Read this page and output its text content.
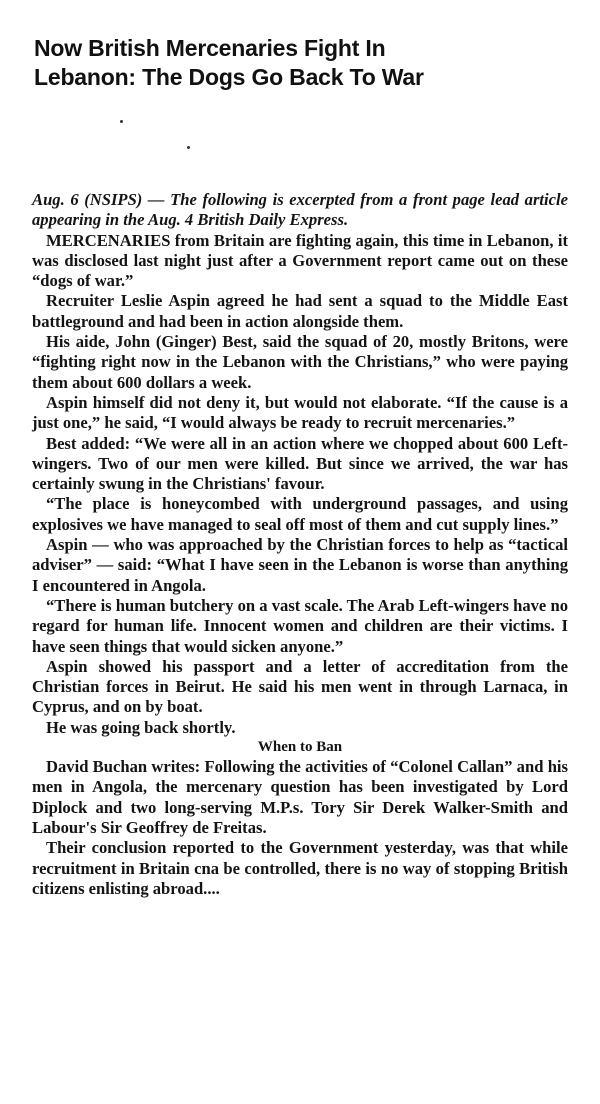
Now British Mercenaries Fight In
Lebanon: The Dogs Go Back To War

Aug. 6 (NSIPS) — The following is excerpted from a front page lead article appearing in the Aug. 4 British Daily Express.

MERCENARIES from Britain are fighting again, this time in Lebanon, it was disclosed last night just after a Government report came out on these “dogs of war.”

Recruiter Leslie Aspin agreed he had sent a squad to the Middle East battleground and had been in action alongside them.

His aide, John (Ginger) Best, said the squad of 20, mostly Britons, were “fighting right now in the Lebanon with the Christians,” who were paying them about 600 dollars a week.

Aspin himself did not deny it, but would not elaborate. “If the cause is a just one,” he said, “I would always be ready to recruit mercenaries.”

Best added: “We were all in an action where we chopped about 600 Left-wingers. Two of our men were killed. But since we arrived, the war has certainly swung in the Christians' favour.

“The place is honeycombed with underground passages, and using explosives we have managed to seal off most of them and cut supply lines.”

Aspin — who was approached by the Christian forces to help as “tactical adviser” — said: “What I have seen in the Lebanon is worse than anything I encountered in Angola.

“There is human butchery on a vast scale. The Arab Left-wingers have no regard for human life. Innocent women and children are their victims. I have seen things that would sicken anyone.”

Aspin showed his passport and a letter of accreditation from the Christian forces in Beirut. He said his men went in through Larnaca, in Cyprus, and on by boat.

He was going back shortly.

When to Ban

David Buchan writes: Following the activities of “Colonel Callan” and his men in Angola, the mercenary question has been investigated by Lord Diplock and two long-serving M.P.s. Tory Sir Derek Walker-Smith and Labour's Sir Geoffrey de Freitas.

Their conclusion reported to the Government yesterday, was that while recruitment in Britain cna be controlled, there is no way of stopping British citizens enlisting abroad....
